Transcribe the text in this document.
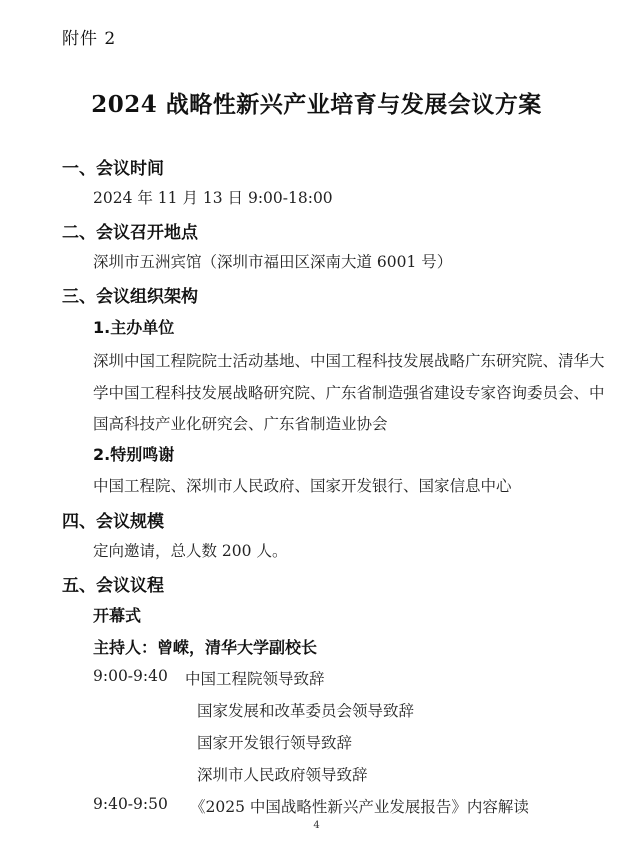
附件 2
2024 战略性新兴产业培育与发展会议方案
一、会议时间
2024 年 11 月 13 日 9:00-18:00
二、会议召开地点
深圳市五洲宾馆（深圳市福田区深南大道 6001 号）
三、会议组织架构
1.主办单位
深圳中国工程院院士活动基地、中国工程科技发展战略广东研究院、清华大学中国工程科技发展战略研究院、广东省制造强省建设专家咨询委员会、中国高科技产业化研究会、广东省制造业协会
2.特别鸣谢
中国工程院、深圳市人民政府、国家开发银行、国家信息中心
四、会议规模
定向邀请，总人数 200 人。
五、会议议程
开幕式
主持人：曾嵘，清华大学副校长
9:00-9:40 中国工程院领导致辞
国家发展和改革委员会领导致辞
国家开发银行领导致辞
深圳市人民政府领导致辞
9:40-9:50 《2025 中国战略性新兴产业发展报告》内容解读
4
